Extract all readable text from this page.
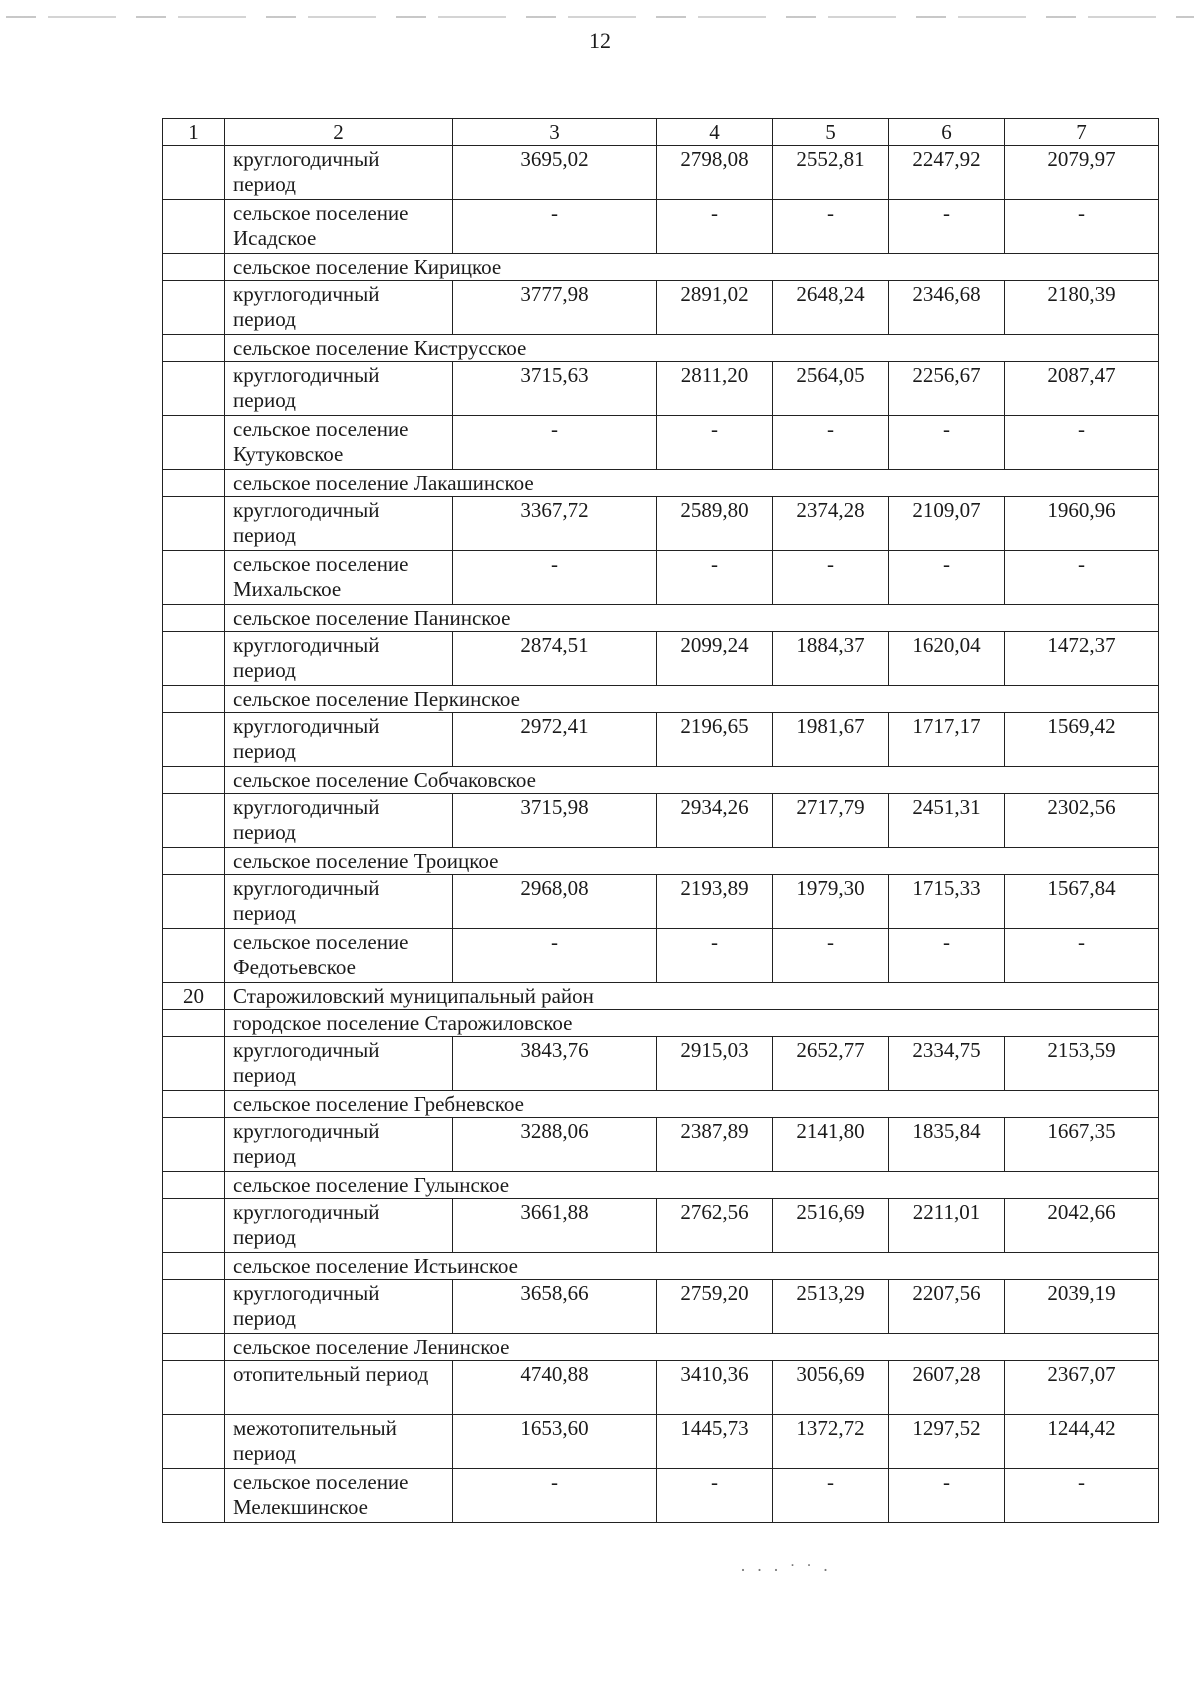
12
1	2	3	4	5	6	7
	круглогодичный период	3695,02	2798,08	2552,81	2247,92	2079,97
	сельское поселение Исадское	-	-	-	-	-
	сельское поселение Кирицкое					
	круглогодичный период	3777,98	2891,02	2648,24	2346,68	2180,39
	сельское поселение Киструсское					
	круглогодичный период	3715,63	2811,20	2564,05	2256,67	2087,47
	сельское поселение Кутуковское	-	-	-	-	-
	сельское поселение Лакашинское					
	круглогодичный период	3367,72	2589,80	2374,28	2109,07	1960,96
	сельское поселение Михальское	-	-	-	-	-
	сельское поселение Панинское					
	круглогодичный период	2874,51	2099,24	1884,37	1620,04	1472,37
	сельское поселение Перкинское					
	круглогодичный период	2972,41	2196,65	1981,67	1717,17	1569,42
	сельское поселение Собчаковское					
	круглогодичный период	3715,98	2934,26	2717,79	2451,31	2302,56
	сельское поселение Троицкое					
	круглогодичный период	2968,08	2193,89	1979,30	1715,33	1567,84
	сельское поселение Федотьевское	-	-	-	-	-
20	Старожиловский муниципальный район					
	городское поселение Старожиловское					
	круглогодичный период	3843,76	2915,03	2652,77	2334,75	2153,59
	сельское поселение Гребневское					
	круглогодичный период	3288,06	2387,89	2141,80	1835,84	1667,35
	сельское поселение Гулынское					
	круглогодичный период	3661,88	2762,56	2516,69	2211,01	2042,66
	сельское поселение Истьинское					
	круглогодичный период	3658,66	2759,20	2513,29	2207,56	2039,19
	сельское поселение Ленинское					
	отопительный период	4740,88	3410,36	3056,69	2607,28	2367,07
	межотопительный период	1653,60	1445,73	1372,72	1297,52	1244,42
	сельское поселение Мелекшинское	-	-	-	-	-
· · · ˙ ˙ ·
